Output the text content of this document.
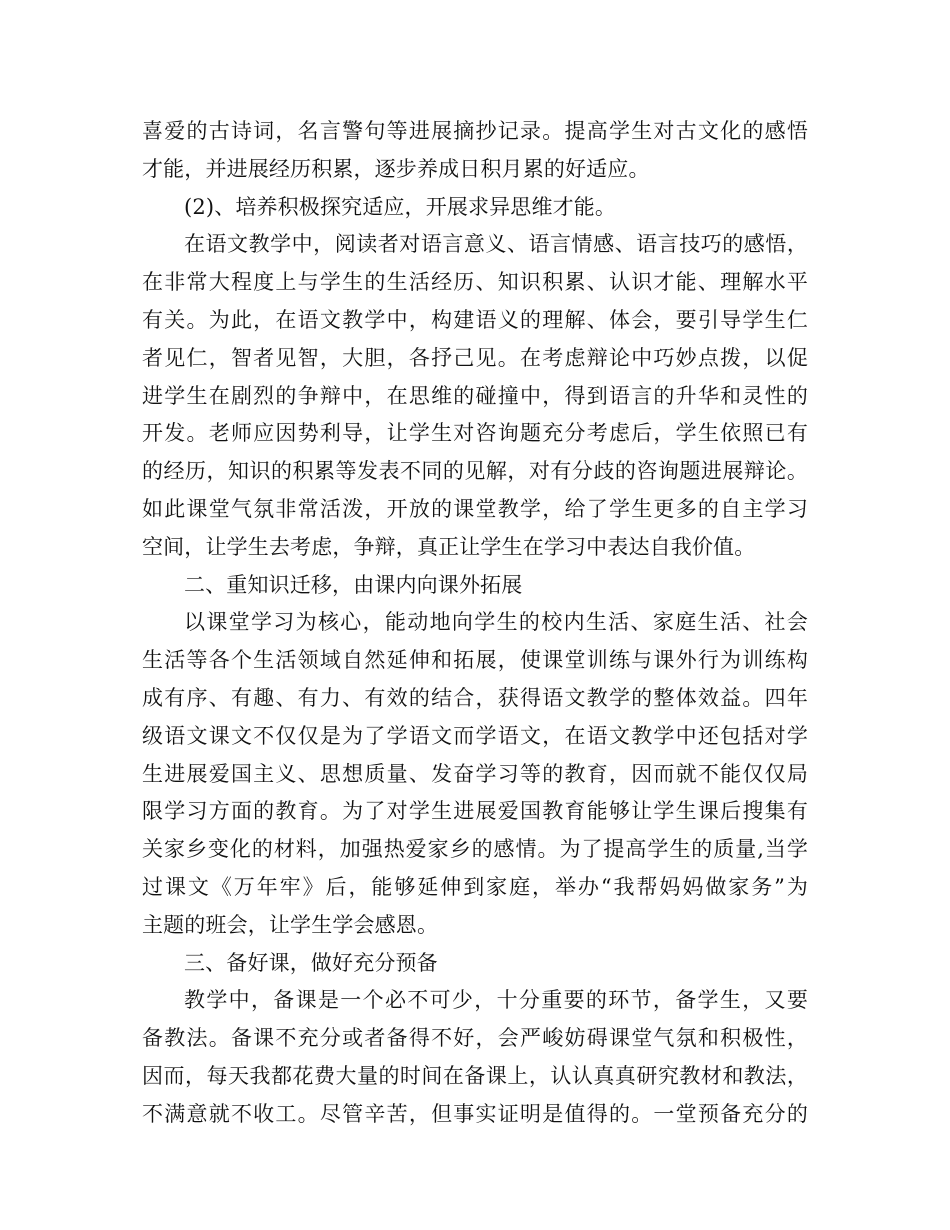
喜爱的古诗词，名言警句等进展摘抄记录。提高学生对古文化的感悟
才能，并进展经历积累，逐步养成日积月累的好适应。
(2)、培养积极探究适应，开展求异思维才能。
在语文教学中，阅读者对语言意义、语言情感、语言技巧的感悟，
在非常大程度上与学生的生活经历、知识积累、认识才能、理解水平
有关。为此，在语文教学中，构建语义的理解、体会，要引导学生仁
者见仁，智者见智，大胆，各抒己见。在考虑辩论中巧妙点拨，以促
进学生在剧烈的争辩中，在思维的碰撞中，得到语言的升华和灵性的
开发。老师应因势利导，让学生对咨询题充分考虑后，学生依照已有
的经历，知识的积累等发表不同的见解，对有分歧的咨询题进展辩论。
如此课堂气氛非常活泼，开放的课堂教学，给了学生更多的自主学习
空间，让学生去考虑，争辩，真正让学生在学习中表达自我价值。
二、重知识迁移，由课内向课外拓展
以课堂学习为核心，能动地向学生的校内生活、家庭生活、社会
生活等各个生活领域自然延伸和拓展，使课堂训练与课外行为训练构
成有序、有趣、有力、有效的结合，获得语文教学的整体效益。四年
级语文课文不仅仅是为了学语文而学语文，在语文教学中还包括对学
生进展爱国主义、思想质量、发奋学习等的教育，因而就不能仅仅局
限学习方面的教育。为了对学生进展爱国教育能够让学生课后搜集有
关家乡变化的材料，加强热爱家乡的感情。为了提高学生的质量,当学
过课文《万年牢》后，能够延伸到家庭，举办“我帮妈妈做家务”为
主题的班会，让学生学会感恩。
三、备好课，做好充分预备
教学中，备课是一个必不可少，十分重要的环节，备学生，又要
备教法。备课不充分或者备得不好，会严峻妨碍课堂气氛和积极性，
因而，每天我都花费大量的时间在备课上，认认真真研究教材和教法，
不满意就不收工。尽管辛苦，但事实证明是值得的。一堂预备充分的
